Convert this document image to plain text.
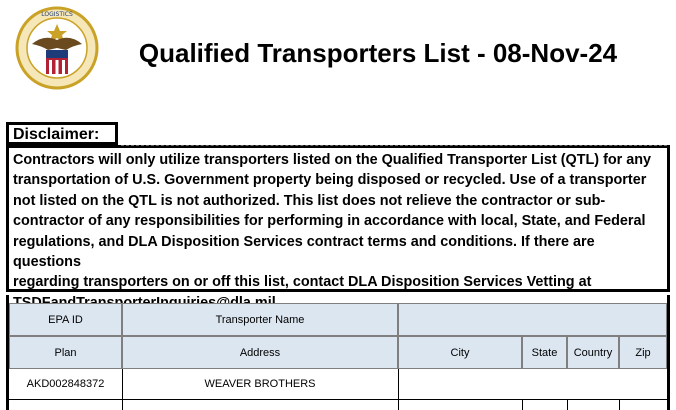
LOGISTICS
Qualified Transporters List - 08-Nov-24
Disclaimer:
Contractors will only utilize transporters listed on the Qualified Transporter List (QTL) for any
transportation of U.S. Government property being disposed or recycled. Use of a transporter
not listed on the QTL is not authorized. This list does not relieve the contractor or sub-
contractor of any responsibilities for performing in accordance with local, State, and Federal
regulations, and DLA Disposition Services contract terms and conditions. If there are questions
regarding transporters on or off this list, contact DLA Disposition Services Vetting at
EPA ID	Transporter Name
Plan	Address	City	State	Country	Zip
AKD002848372	WEAVER BROTHERS
